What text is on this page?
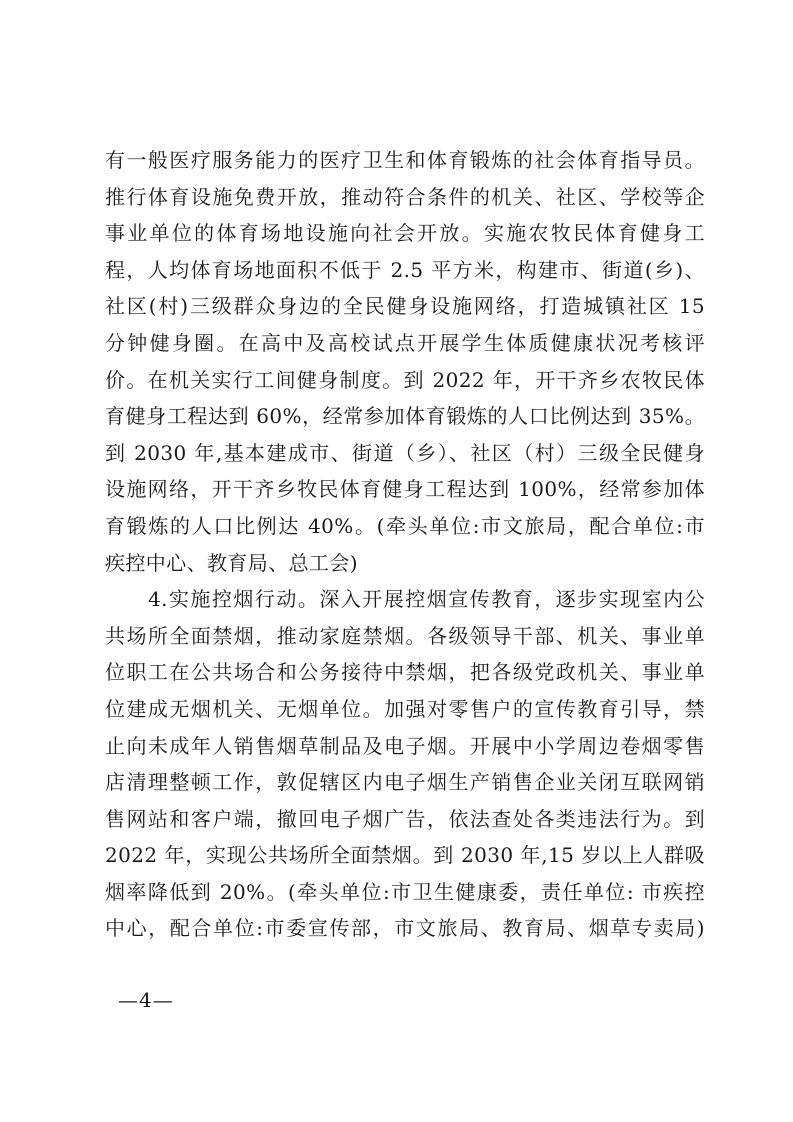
有一般医疗服务能力的医疗卫生和体育锻炼的社会体育指导员。
推行体育设施免费开放，推动符合条件的机关、社区、学校等企
事业单位的体育场地设施向社会开放。实施农牧民体育健身工
程，人均体育场地面积不低于 2.5 平方米，构建市、街道(乡)、
社区(村)三级群众身边的全民健身设施网络，打造城镇社区 15
分钟健身圈。在高中及高校试点开展学生体质健康状况考核评
价。在机关实行工间健身制度。到 2022 年，开干齐乡农牧民体
育健身工程达到 60%，经常参加体育锻炼的人口比例达到 35%。
到 2030 年,基本建成市、街道（乡）、社区（村）三级全民健身
设施网络，开干齐乡牧民体育健身工程达到 100%，经常参加体
育锻炼的人口比例达 40%。(牵头单位:市文旅局，配合单位:市
疾控中心、教育局、总工会)
　　4.实施控烟行动。深入开展控烟宣传教育，逐步实现室内公
共场所全面禁烟，推动家庭禁烟。各级领导干部、机关、事业单
位职工在公共场合和公务接待中禁烟，把各级党政机关、事业单
位建成无烟机关、无烟单位。加强对零售户的宣传教育引导，禁
止向未成年人销售烟草制品及电子烟。开展中小学周边卷烟零售
店清理整顿工作，敦促辖区内电子烟生产销售企业关闭互联网销
售网站和客户端，撤回电子烟广告，依法查处各类违法行为。到
2022 年，实现公共场所全面禁烟。到 2030 年,15 岁以上人群吸
烟率降低到 20%。(牵头单位:市卫生健康委，责任单位: 市疾控
中心，配合单位:市委宣传部，市文旅局、教育局、烟草专卖局)
—4—
